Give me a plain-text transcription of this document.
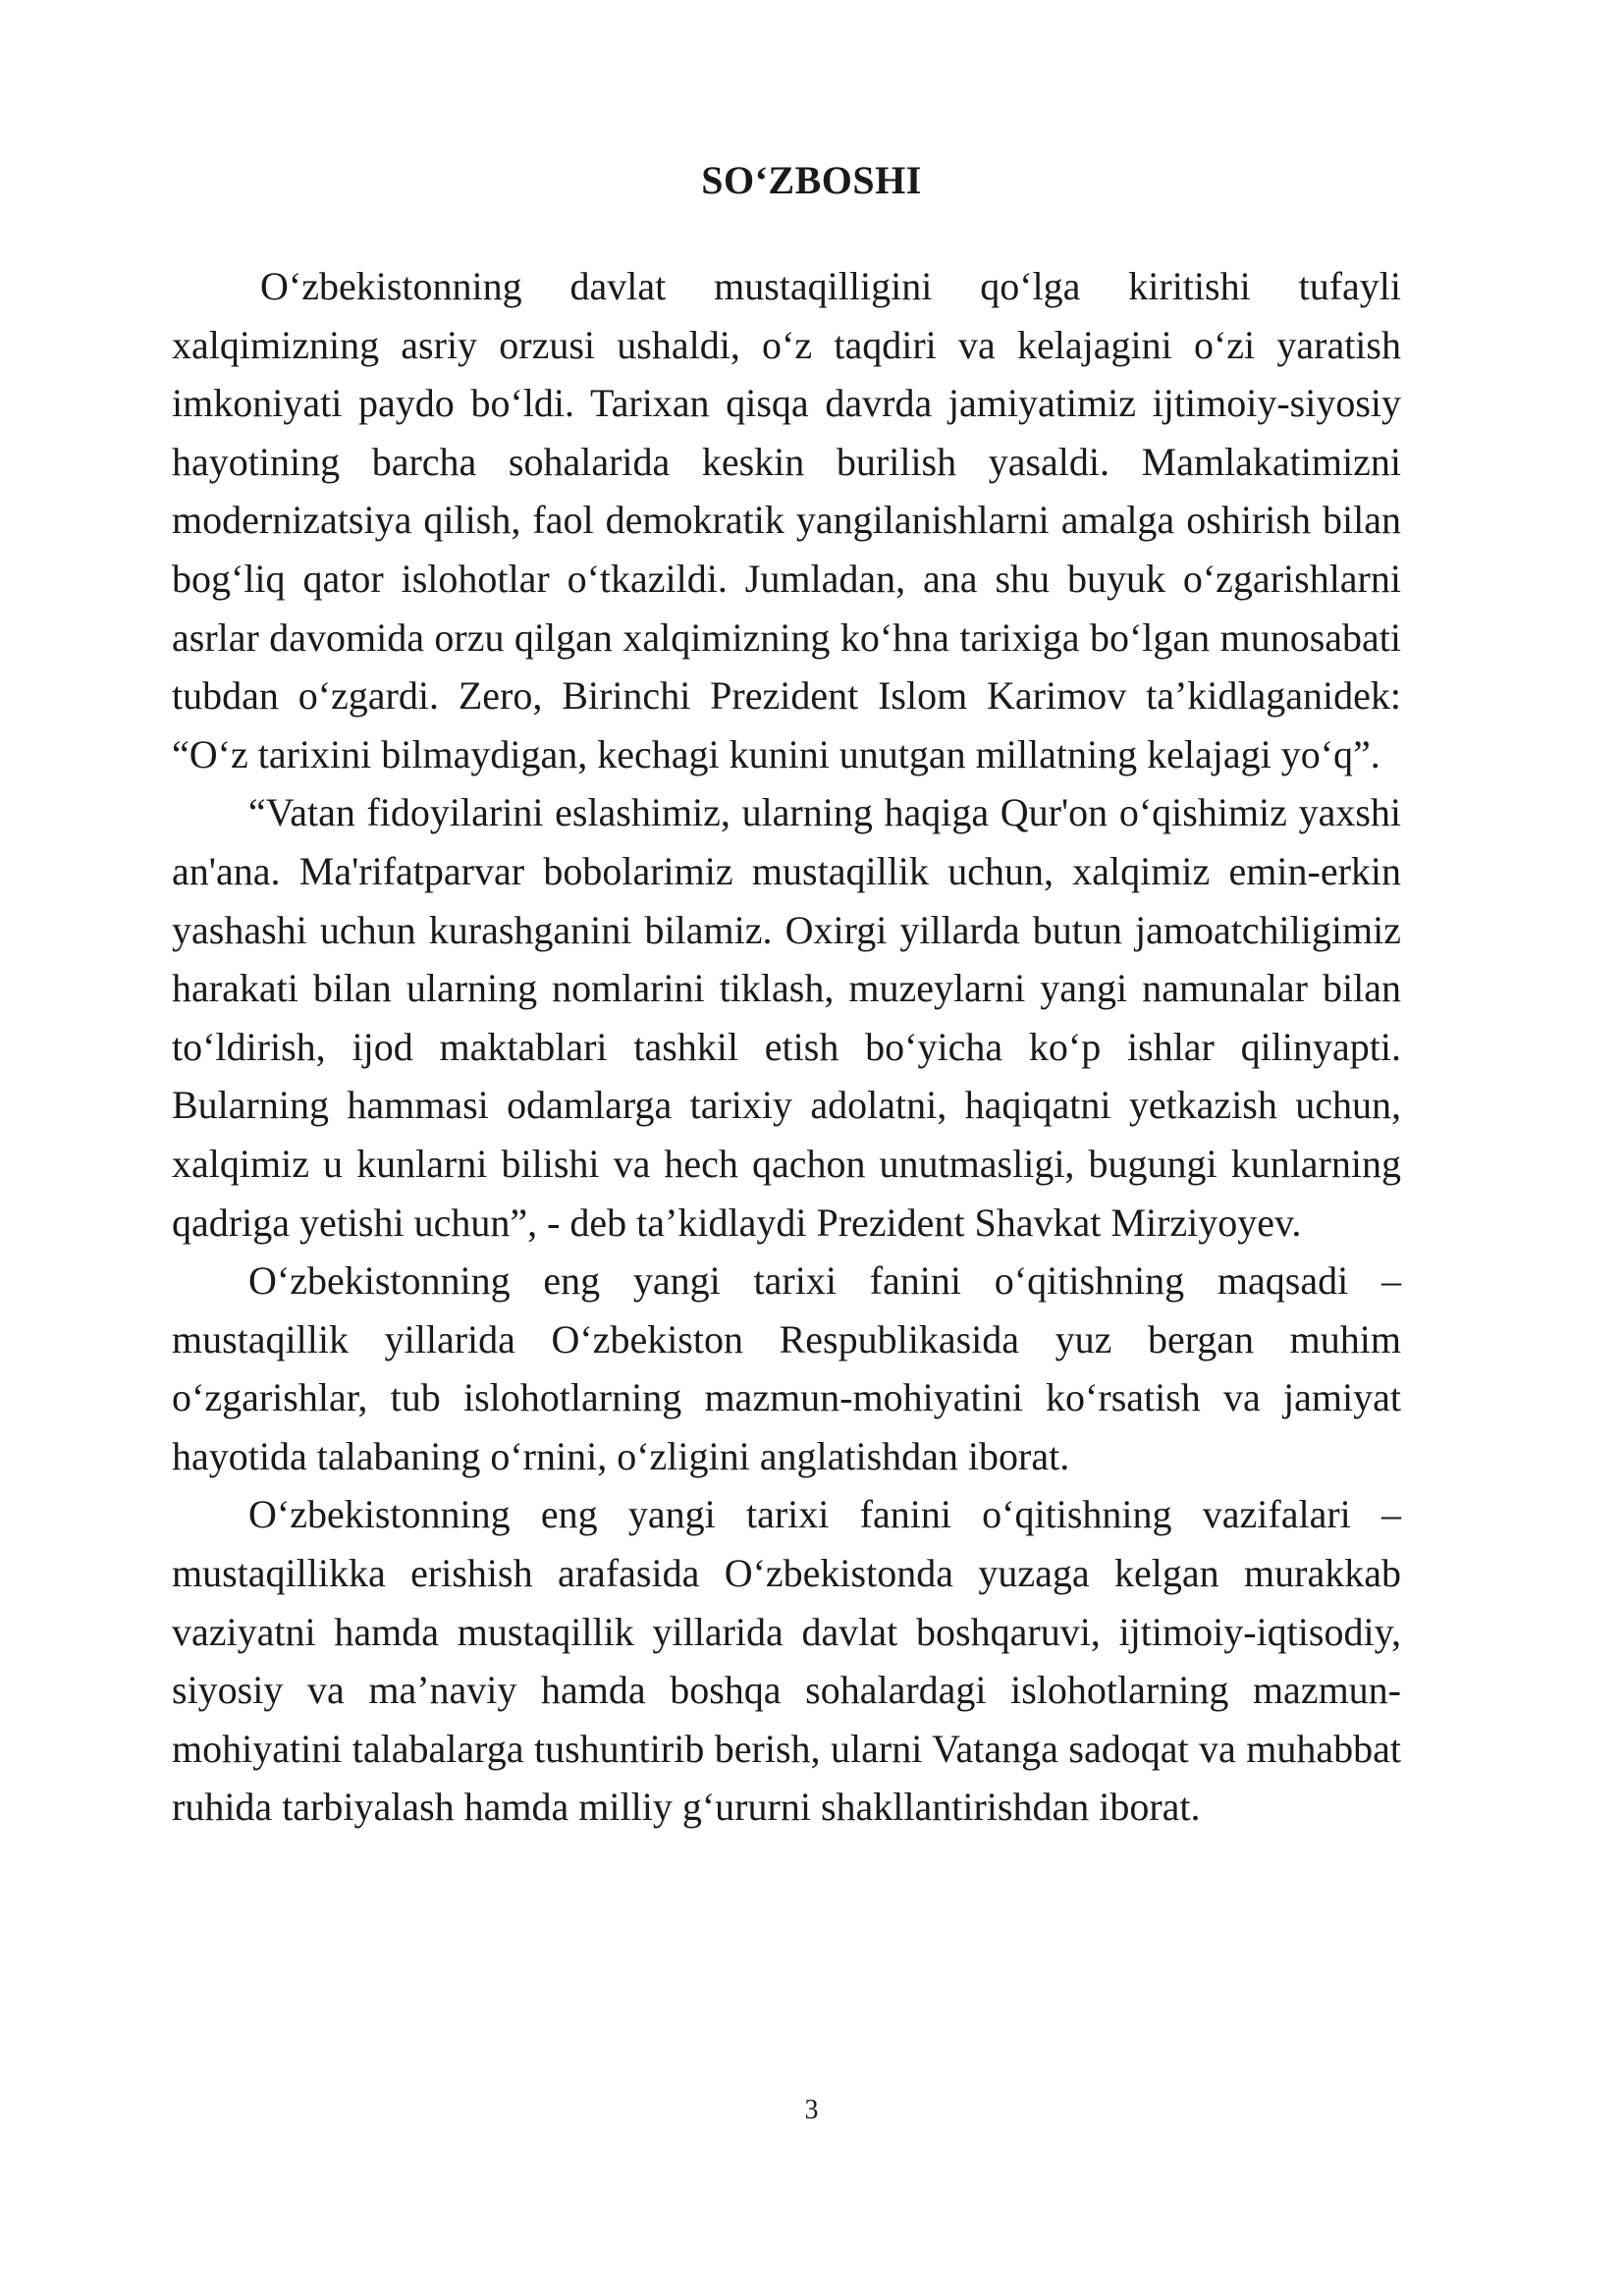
SO‘ZBOSHI

O‘zbekistonning davlat mustaqilligini qo‘lga kiritishi tufayli xalqimizning asriy orzusi ushaldi, o‘z taqdiri va kelajagini o‘zi yaratish imkoniyati paydo bo‘ldi. Tarixan qisqa davrda jamiyatimiz ijtimoiy-siyosiy hayotining barcha sohalarida keskin burilish yasaldi. Mamlakatimizni modernizatsiya qilish, faol demokratik yangilanishlarni amalga oshirish bilan bog‘liq qator islohotlar o‘tkazildi. Jumladan, ana shu buyuk o‘zgarishlarni asrlar davomida orzu qilgan xalqimizning ko‘hna tarixiga bo‘lgan munosabati tubdan o‘zgardi. Zero, Birinchi Prezident Islom Karimov ta’kidlaganidek: “O‘z tarixini bilmaydigan, kechagi kunini unutgan millatning kelajagi yo‘q”.

“Vatan fidoyilarini eslashimiz, ularning haqiga Qur'on o‘qishimiz yaxshi an'ana. Ma'rifatparvar bobolarimiz mustaqillik uchun, xalqimiz emin-erkin yashashi uchun kurashganini bilamiz. Oxirgi yillarda butun jamoatchiligimiz harakati bilan ularning nomlarini tiklash, muzeylarni yangi namunalar bilan to‘ldirish, ijod maktablari tashkil etish bo‘yicha ko‘p ishlar qilinyapti. Bularning hammasi odamlarga tarixiy adolatni, haqiqatni yetkazish uchun, xalqimiz u kunlarni bilishi va hech qachon unutmasligi, bugungi kunlarning qadriga yetishi uchun”, - deb ta’kidlaydi Prezident Shavkat Mirziyoyev.

O‘zbekistonning eng yangi tarixi fanini o‘qitishning maqsadi – mustaqillik yillarida O‘zbekiston Respublikasida yuz bergan muhim o‘zgarishlar, tub islohotlarning mazmun-mohiyatini ko‘rsatish va jamiyat hayotida talabaning o‘rnini, o‘zligini anglatishdan iborat.

O‘zbekistonning eng yangi tarixi fanini o‘qitishning vazifalari – mustaqillikka erishish arafasida O‘zbekistonda yuzaga kelgan murakkab vaziyatni hamda mustaqillik yillarida davlat boshqaruvi, ijtimoiy-iqtisodiy, siyosiy va ma’naviy hamda boshqa sohalardagi islohotlarning mazmun-mohiyatini talabalarga tushuntirib berish, ularni Vatanga sadoqat va muhabbat ruhida tarbiyalash hamda milliy g‘ururni shakllantirishdan iborat.

3
